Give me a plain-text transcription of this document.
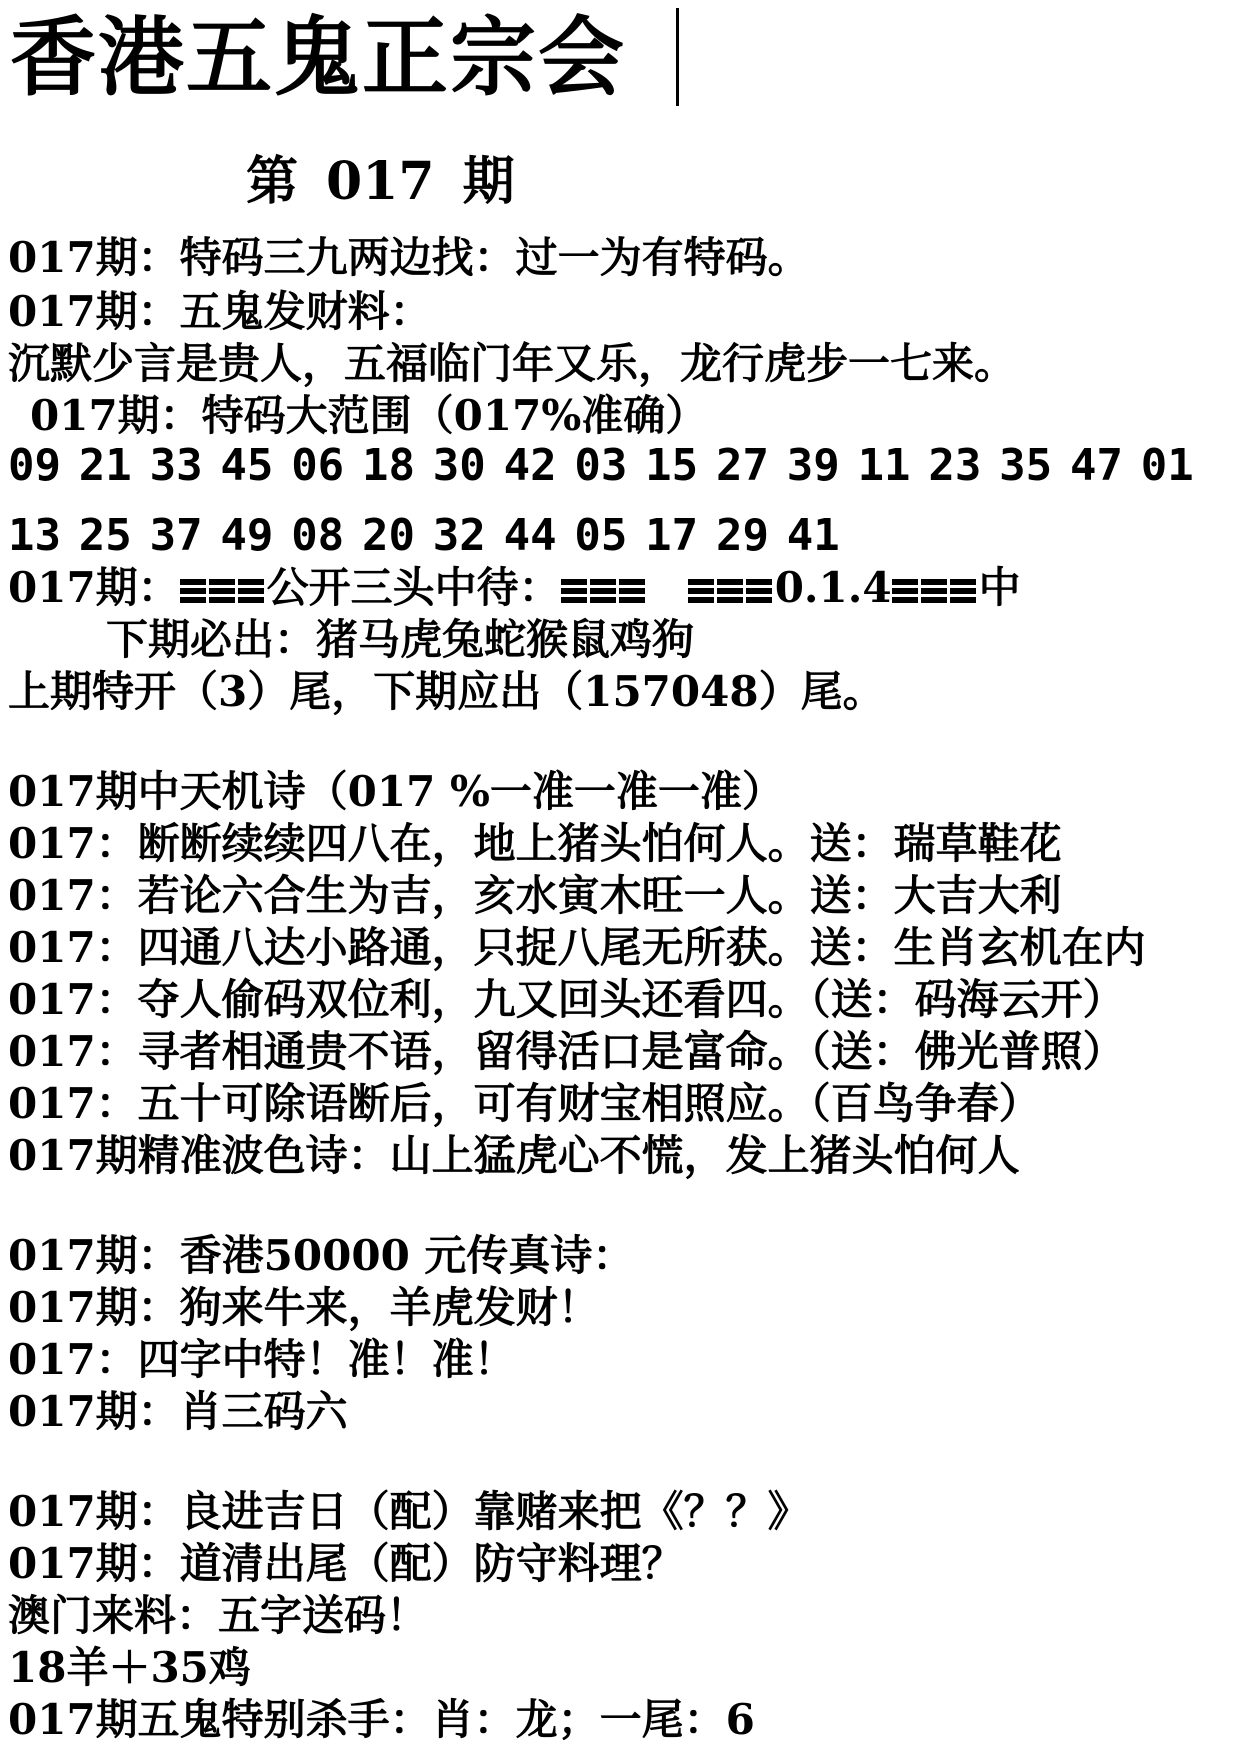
香港五鬼正宗会
第 017 期
017期：特码三九两边找：过一为有特码。
017期：五鬼发财料：
沉默少言是贵人，五福临门年又乐，龙行虎步一七来。
017期：特码大范围（017%准确）
09 21 33 45 06 18 30 42 03 15 27 39 11 23 35 47 01
13 25 37 49 08 20 32 44 05 17 29 41
017期： 公开三头中待：	0.1.4 中
下期必出：猪马虎兔蛇猴鼠鸡狗
上期特开（3）尾，下期应出（157048）尾。
017期中天机诗（017 %一准一准一准）
017：断断续续四八在，地上猪头怕何人。送：瑞草鞋花
017：若论六合生为吉，亥水寅木旺一人。送：大吉大利
017：四通八达小路通，只捉八尾无所获。送：生肖玄机在内
017：夺人偷码双位利，九又回头还看四。（送：码海云开）
017：寻者相通贵不语，留得活口是富命。（送：佛光普照）
017：五十可除语断后，可有财宝相照应。（百鸟争春）
017期精准波色诗：山上猛虎心不慌，发上猪头怕何人
017期：香港50000 元传真诗：
017期：狗来牛来，羊虎发财！
017：四字中特！准！准！
017期：肖三码六
017期：良进吉日（配）靠赌来把《？？》
017期：道清出尾（配）防守料理？
澳门来料：五字送码！
18羊＋35鸡
017期五鬼特别杀手：肖：龙；一尾：6
